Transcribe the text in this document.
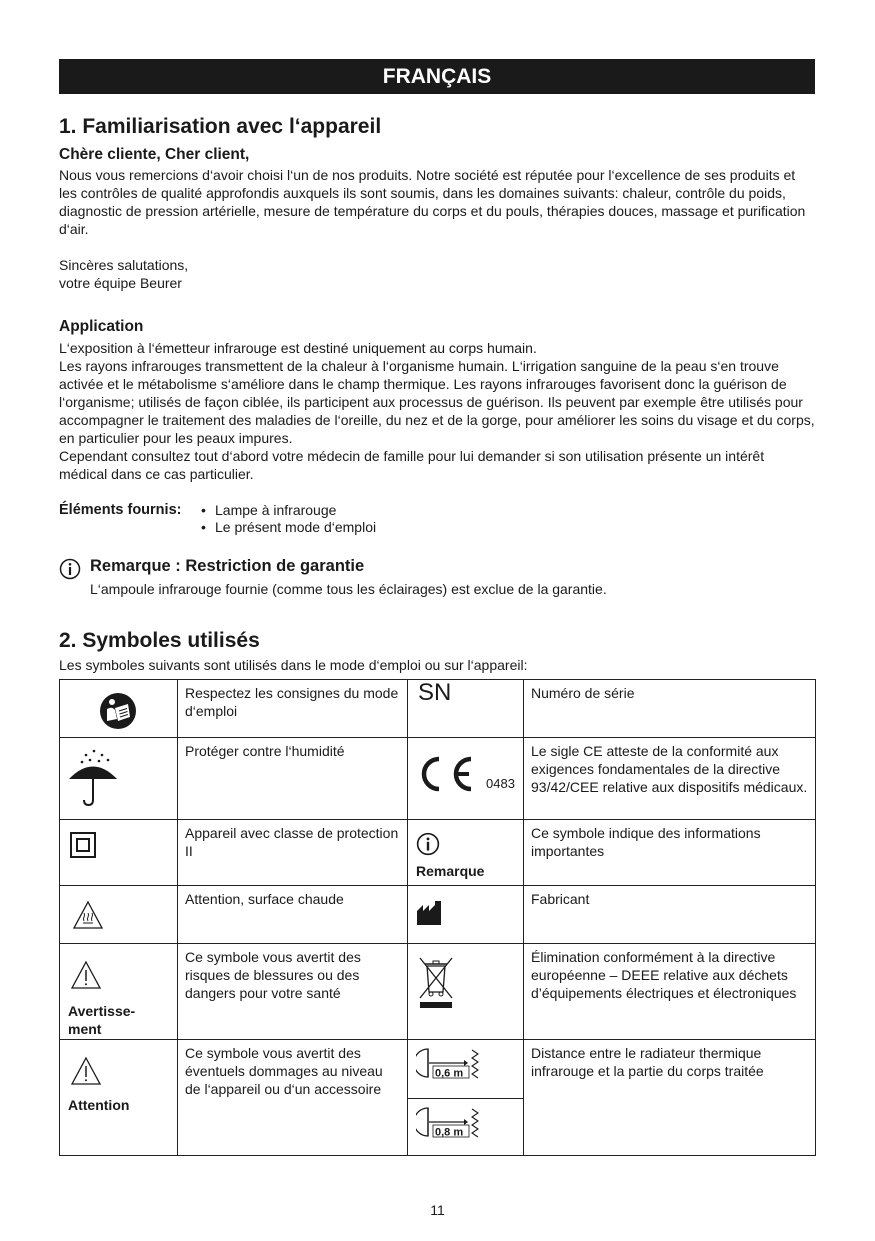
FRANÇAIS
1. Familiarisation avec l‘appareil
Chère cliente, Cher client,

Nous vous remercions d‘avoir choisi l‘un de nos produits. Notre société est réputée pour l‘excellence de ses produits et les contrôles de qualité approfondis auxquels ils sont soumis, dans les domaines suivants: chaleur, contrôle du poids, diagnostic de pression artérielle, mesure de température du corps et du pouls, thérapies douces, massage et purification d‘air.

Sincères salutations,

votre équipe Beurer

Application

L‘exposition à l‘émetteur infrarouge est destiné uniquement au corps humain.

Les rayons infrarouges transmettent de la chaleur à l‘organisme humain. L‘irrigation sanguine de la peau s‘en trouve activée et le métabolisme s‘améliore dans le champ thermique. Les rayons infrarouges favorisent donc la guérison de l‘organisme; utilisés de façon ciblée, ils participent aux processus de guérison. Ils peuvent par exemple être utilisés pour accompagner le traitement des maladies de l‘oreille, du nez et de la gorge, pour améliorer les soins du visage et du corps, en particulier pour les peaux impures.

Cependant consultez tout d‘abord votre médecin de famille pour lui demander si son utilisation présente un intérêt médical dans ce cas particulier.

Éléments fournis:	• Lampe à infrarouge
• Le présent mode d‘emploi
Remarque : Restriction de garantie

L‘ampoule infrarouge fournie (comme tous les éclairages) est exclue de la garantie.

2. Symboles utilisés

Les symboles suivants sont utilisés dans le mode d‘emploi ou sur l‘appareil:

	Respectez les consignes du mode d‘emploi	SN	Numéro de série

	Protéger contre l‘humidité	0483	Le sigle CE atteste de la conformité aux exigences fondamentales de la directive 93/42/CEE relative aux dispositifs médicaux.

	Appareil avec classe de protection II	Remarque	Ce symbole indique des informations importantes

	Attention, surface chaude		Fabricant

Avertisse-
ment	Ce symbole vous avertit des risques de blessures ou des dangers pour votre santé		Élimination conformément à la directive européenne – DEEE relative aux déchets d’équipements électriques et électroniques

Attention	Ce symbole vous avertit des éventuels dommages au niveau de l‘appareil ou d‘un accessoire	0,6 m
0,8 m	Distance entre le radiateur thermique infrarouge et la partie du corps traitée
11
